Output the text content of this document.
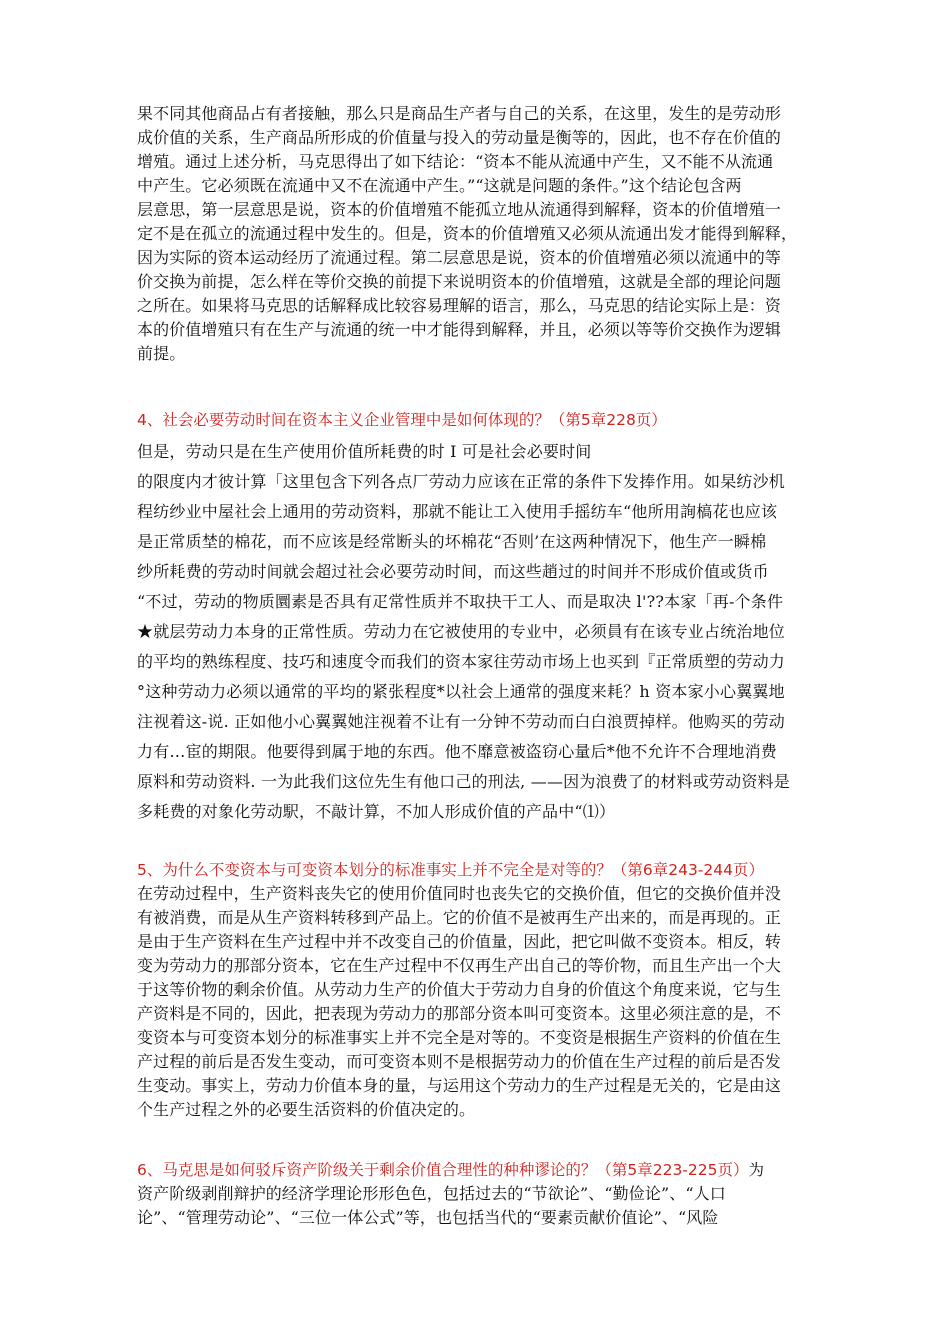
果不同其他商品占有者接触，那么只是商品生产者与自己的关系，在这里，发生的是劳动形
成价值的关系，生产商品所形成的价值量与投入的劳动量是衡等的，因此，也不存在价值的
增殖。通过上述分析，马克思得出了如下结论：“资本不能从流通中产生，又不能不从流通
中产生。它必须既在流通中又不在流通中产生。”“这就是问题的条件。”这个结论包含两
层意思，第一层意思是说，资本的价值增殖不能孤立地从流通得到解释，资本的价值增殖一
定不是在孤立的流通过程中发生的。但是，资本的价值增殖又必须从流通出发才能得到解释，
因为实际的资本运动经历了流通过程。第二层意思是说，资本的价值增殖必须以流通中的等
价交换为前提，怎么样在等价交换的前提下来说明资本的价值增殖，这就是全部的理论问题
之所在。如果将马克思的话解释成比较容易理解的语言，那么，马克思的结论实际上是：资
本的价值增殖只有在生产与流通的统一中才能得到解释，并且，必须以等等价交换作为逻辑
前提。

4、社会必要劳动时间在资本主义企业管理中是如何体现的？（第5章228页）

但是，劳动只是在生产使用价值所耗费的时 I 可是社会必要时间
的限度内才彼计算「这里包含下列各点厂劳动力应该在正常的条件下发捧作用。如杲纺沙机
程纺纱业中屋社会上通用的劳动资料，那就不能让工入使用手摇纺车“他所用詢槁花也应该
是正常质埜的棉花，而不应该是经常断头的坏棉花“否则’在这两种情况下，他生产一瞬棉
纱所耗费的劳动时间就会超过社会必要劳动时间，而这些趙过的时间并不形成价值或货币
“不过，劳动的物质圜素是否具有疋常性质并不取抉干工人、而是取决 l'??本家「再-个条件
★就层劳动力本身的正常性质。劳动力在它被使用的专业中，必须員有在该专业占统治地位
的平均的熟练程度、技巧和速度令而我们的资本家往劳动市场上也买到『正常质塑的劳动力
°这种劳动力必须以通常的平均的紧张程度*以社会上通常的强度来耗？h 资本家小心翼翼地
注视着这-说. 正如他小心翼翼她注视着不让有一分钟不劳动而白白浪贾掉样。他购买的劳动
力有…宦的期限。他要得到属于地的东西。他不靡意被盗窃心量后*他不允许不合理地消费
原料和劳动资料. 一为此我们这位先生有他口己的刑法, ——因为浪费了的材料或劳动资料是
多耗费的对象化劳动駅，不敲计算，不加人形成价值的产品中“⑴）

5、为什么不变资本与可变资本划分的标准事实上并不完全是对等的？（第6章243-244页）

在劳动过程中，生产资料丧失它的使用价值同时也丧失它的交换价值，但它的交换价值并没
有被消费，而是从生产资料转移到产品上。它的价值不是被再生产出来的，而是再现的。正
是由于生产资料在生产过程中并不改变自己的价值量，因此，把它叫做不变资本。相反，转
变为劳动力的那部分资本，它在生产过程中不仅再生产出自己的等价物，而且生产出一个大
于这等价物的剩余价值。从劳动力生产的价值大于劳动力自身的价值这个角度来说，它与生
产资料是不同的，因此，把表现为劳动力的那部分资本叫可变资本。这里必须注意的是，不
变资本与可变资本划分的标准事实上并不完全是对等的。不变资是根据生产资料的价值在生
产过程的前后是否发生变动，而可变资本则不是根据劳动力的价值在生产过程的前后是否发
生变动。事实上，劳动力价值本身的量，与运用这个劳动力的生产过程是无关的，它是由这
个生产过程之外的必要生活资料的价值决定的。

6、马克思是如何驳斥资产阶级关于剩余价值合理性的种种谬论的？（第5章223-225页）为

资产阶级剥削辩护的经济学理论形形色色，包括过去的“节欲论”、“勤俭论”、“人口
论”、“管理劳动论”、“三位一体公式”等，也包括当代的“要素贡献价值论”、“风险
